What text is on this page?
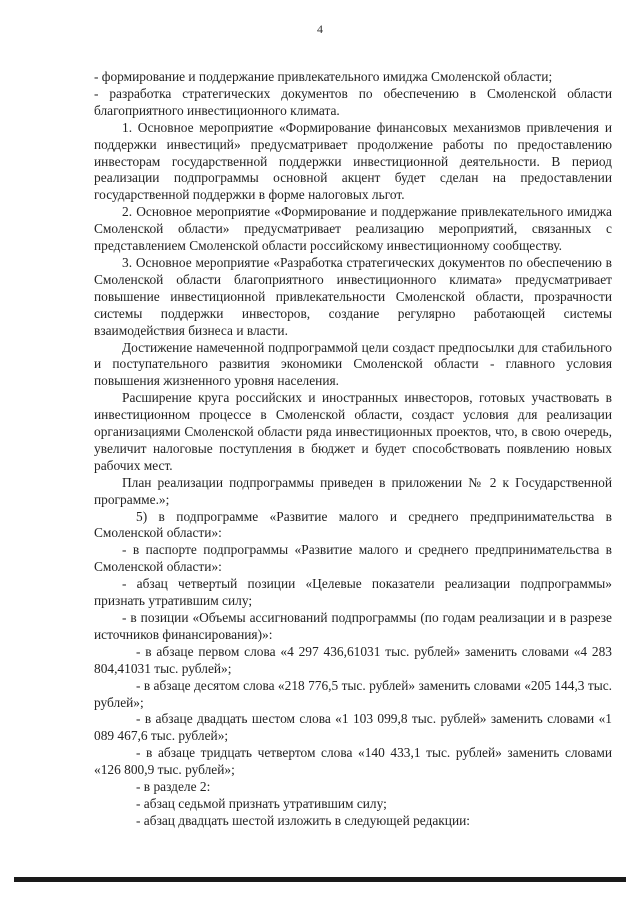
4

- формирование и поддержание привлекательного имиджа Смоленской области;

- разработка стратегических документов по обеспечению в Смоленской области благоприятного инвестиционного климата.

1. Основное мероприятие «Формирование финансовых механизмов привлечения и поддержки инвестиций» предусматривает продолжение работы по предоставлению инвесторам государственной поддержки инвестиционной деятельности. В период реализации подпрограммы основной акцент будет сделан на предоставлении государственной поддержки в форме налоговых льгот.

2. Основное мероприятие «Формирование и поддержание привлекательного имиджа Смоленской области» предусматривает реализацию мероприятий, связанных с представлением Смоленской области российскому инвестиционному сообществу.

3. Основное мероприятие «Разработка стратегических документов по обеспечению в Смоленской области благоприятного инвестиционного климата» предусматривает повышение инвестиционной привлекательности Смоленской области, прозрачности системы поддержки инвесторов, создание регулярно работающей системы взаимодействия бизнеса и власти.

Достижение намеченной подпрограммой цели создаст предпосылки для стабильного и поступательного развития экономики Смоленской области - главного условия повышения жизненного уровня населения.

Расширение круга российских и иностранных инвесторов, готовых участвовать в инвестиционном процессе в Смоленской области, создаст условия для реализации организациями Смоленской области ряда инвестиционных проектов, что, в свою очередь, увеличит налоговые поступления в бюджет и будет способствовать появлению новых рабочих мест.

План реализации подпрограммы приведен в приложении № 2 к Государственной программе.»;

5) в подпрограмме «Развитие малого и среднего предпринимательства в Смоленской области»:

- в паспорте подпрограммы «Развитие малого и среднего предпринимательства в Смоленской области»:

- абзац четвертый позиции «Целевые показатели реализации подпрограммы» признать утратившим силу;

- в позиции «Объемы ассигнований подпрограммы (по годам реализации и в разрезе источников финансирования)»:

- в абзаце первом слова «4 297 436,61031 тыс. рублей» заменить словами «4 283 804,41031 тыс. рублей»;

- в абзаце десятом слова «218 776,5 тыс. рублей» заменить словами «205 144,3 тыс. рублей»;

- в абзаце двадцать шестом слова «1 103 099,8 тыс. рублей» заменить словами «1 089 467,6 тыс. рублей»;

- в абзаце тридцать четвертом слова «140 433,1 тыс. рублей» заменить словами «126 800,9 тыс. рублей»;

- в разделе 2:

- абзац седьмой признать утратившим силу;

- абзац двадцать шестой изложить в следующей редакции:
